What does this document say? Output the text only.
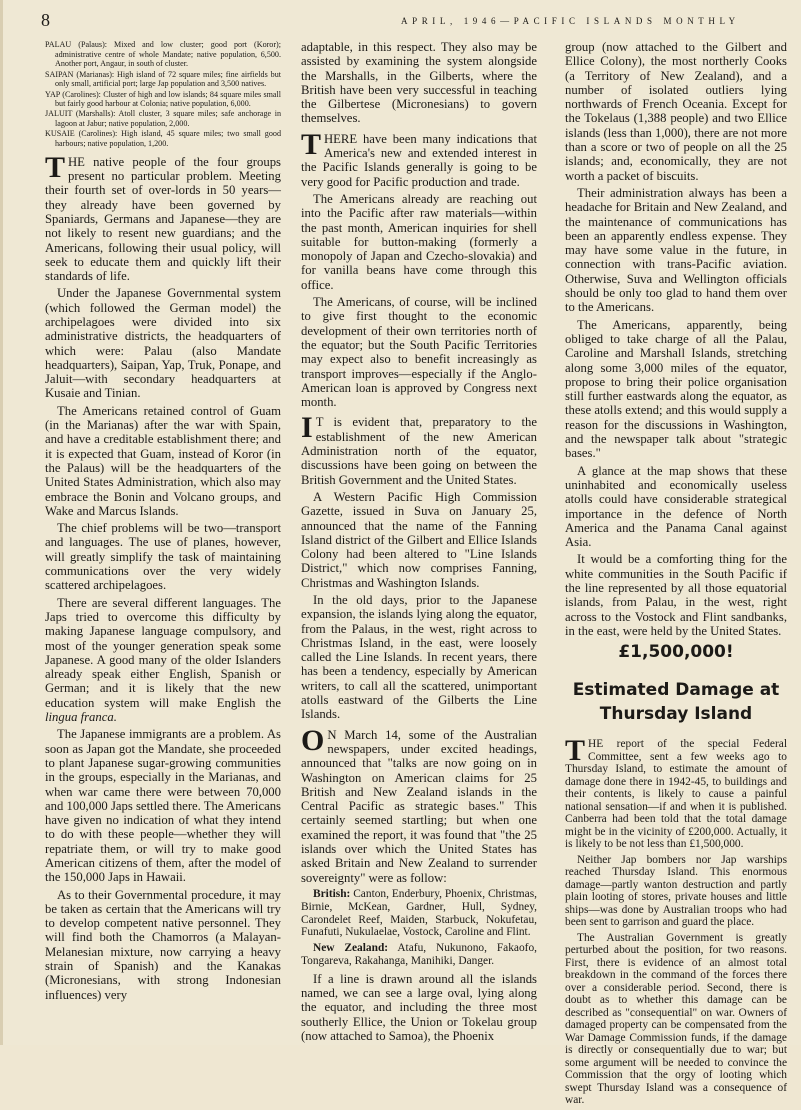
8	APRIL, 1946—PACIFIC ISLANDS MONTHLY

PALAU (Palaus): Mixed and low cluster; good port (Koror); administrative centre of whole Mandate; native population, 6,500. Another port, Angaur, in south of cluster.

SAIPAN (Marianas): High island of 72 square miles; fine airfields but only small, artificial port; large Jap population and 3,500 natives.

YAP (Carolines): Cluster of high and low islands; 84 square miles small but fairly good harbour at Colonia; native population, 6,000.

JALUIT (Marshalls): Atoll cluster, 3 square miles; safe anchorage in lagoon at Jabur; native population, 2,000.

KUSAIE (Carolines): High island, 45 square miles; two small good harbours; native population, 1,200.

THE native people of the four groups present no particular problem. Meeting their fourth set of over-lords in 50 years—they already have been governed by Spaniards, Germans and Japanese—they are not likely to resent new guardians; and the Americans, following their usual policy, will seek to educate them and quickly lift their standards of life.

Under the Japanese Governmental system (which followed the German model) the archipelagoes were divided into six administrative districts, the headquarters of which were: Palau (also Mandate headquarters), Saipan, Yap, Truk, Ponape, and Jaluit—with secondary headquarters at Kusaie and Tinian.

The Americans retained control of Guam (in the Marianas) after the war with Spain, and have a creditable establishment there; and it is expected that Guam, instead of Koror (in the Palaus) will be the headquarters of the United States Administration, which also may embrace the Bonin and Volcano groups, and Wake and Marcus Islands.

The chief problems will be two—transport and languages. The use of planes, however, will greatly simplify the task of maintaining communications over the very widely scattered archipelagoes.

There are several different languages. The Japs tried to overcome this difficulty by making Japanese language compulsory, and most of the younger generation speak some Japanese. A good many of the older Islanders already speak either English, Spanish or German; and it is likely that the new education system will make English the lingua franca.

The Japanese immigrants are a problem. As soon as Japan got the Mandate, she proceeded to plant Japanese sugar-growing communities in the groups, especially in the Marianas, and when war came there were between 70,000 and 100,000 Japs settled there. The Americans have given no indication of what they intend to do with these people—whether they will repatriate them, or will try to make good American citizens of them, after the model of the 150,000 Japs in Hawaii.

As to their Governmental procedure, it may be taken as certain that the Americans will try to develop competent native personnel. They will find both the Chamorros (a Malayan-Melanesian mixture, now carrying a heavy strain of Spanish) and the Kanakas (Micronesians, with strong Indonesian influences) very

adaptable, in this respect. They also may be assisted by examining the system alongside the Marshalls, in the Gilberts, where the British have been very successful in teaching the Gilbertese (Micronesians) to govern themselves.

THERE have been many indications that America's new and extended interest in the Pacific Islands generally is going to be very good for Pacific production and trade.

The Americans already are reaching out into the Pacific after raw materials—within the past month, American inquiries for shell suitable for button-making (formerly a monopoly of Japan and Czecho-slovakia) and for vanilla beans have come through this office.

The Americans, of course, will be inclined to give first thought to the economic development of their own territories north of the equator; but the South Pacific Territories may expect also to benefit increasingly as transport improves—especially if the Anglo-American loan is approved by Congress next month.

I T is evident that, preparatory to the establishment of the new American Administration north of the equator, discussions have been going on between the British Government and the United States.

A Western Pacific High Commission Gazette, issued in Suva on January 25, announced that the name of the Fanning Island district of the Gilbert and Ellice Islands Colony had been altered to "Line Islands District," which now comprises Fanning, Christmas and Washington Islands.

In the old days, prior to the Japanese expansion, the islands lying along the equator, from the Palaus, in the west, right across to Christmas Island, in the east, were loosely called the Line Islands. In recent years, there has been a tendency, especially by American writers, to call all the scattered, unimportant atolls eastward of the Gilberts the Line Islands.

O N March 14, some of the Australian newspapers, under excited headings, announced that "talks are now going on in Washington on American claims for 25 British and New Zealand islands in the Central Pacific as strategic bases." This certainly seemed startling; but when one examined the report, it was found that "the 25 islands over which the United States has asked Britain and New Zealand to surrender sovereignty" were as follow:

British: Canton, Enderbury, Phoenix, Christmas, Birnie, McKean, Gardner, Hull, Sydney, Carondelet Reef, Maiden, Starbuck, Nokufetau, Funafuti, Nukulaelae, Vostock, Caroline and Flint.

New Zealand: Atafu, Nukunono, Fakaofo, Tongareva, Rakahanga, Manihiki, Danger.

If a line is drawn around all the islands named, we can see a large oval, lying along the equator, and including the three most southerly Ellice, the Union or Tokelau group (now attached to Samoa), the Phoenix

group (now attached to the Gilbert and Ellice Colony), the most northerly Cooks (a Territory of New Zealand), and a number of isolated outliers lying northwards of French Oceania. Except for the Tokelaus (1,388 people) and two Ellice islands (less than 1,000), there are not more than a score or two of people on all the 25 islands; and, economically, they are not worth a packet of biscuits.

Their administration always has been a headache for Britain and New Zealand, and the maintenance of communications has been an apparently endless expense. They may have some value in the future, in connection with trans-Pacific aviation. Otherwise, Suva and Wellington officials should be only too glad to hand them over to the Americans.

The Americans, apparently, being obliged to take charge of all the Palau, Caroline and Marshall Islands, stretching along some 3,000 miles of the equator, propose to bring their police organisation still further eastwards along the equator, as these atolls extend; and this would supply a reason for the discussions in Washington, and the newspaper talk about "strategic bases."

A glance at the map shows that these uninhabited and economically useless atolls could have considerable strategical importance in the defence of North America and the Panama Canal against Asia.

It would be a comforting thing for the white communities in the South Pacific if the line represented by all those equatorial islands, from Palau, in the west, right across to the Vostock and Flint sandbanks, in the east, were held by the United States.

£1,500,000!
Estimated Damage at Thursday Island

THE report of the special Federal Committee, sent a few weeks ago to Thursday Island, to estimate the amount of damage done there in 1942-45, to buildings and their contents, is likely to cause a painful national sensation—if and when it is published. Canberra had been told that the total damage might be in the vicinity of £200,000. Actually, it is likely to be not less than £1,500,000.

Neither Jap bombers nor Jap warships reached Thursday Island. This enormous damage—partly wanton destruction and partly plain looting of stores, private houses and little ships—was done by Australian troops who had been sent to garrison and guard the place.

The Australian Government is greatly perturbed about the position, for two reasons. First, there is evidence of an almost total breakdown in the command of the forces there over a considerable period. Second, there is doubt as to whether this damage can be described as "consequential" on war. Owners of damaged property can be compensated from the War Damage Commission funds, if the damage is directly or consequentially due to war; but some argument will be needed to convince the Commission that the orgy of looting which swept Thursday Island was a consequence of war.
